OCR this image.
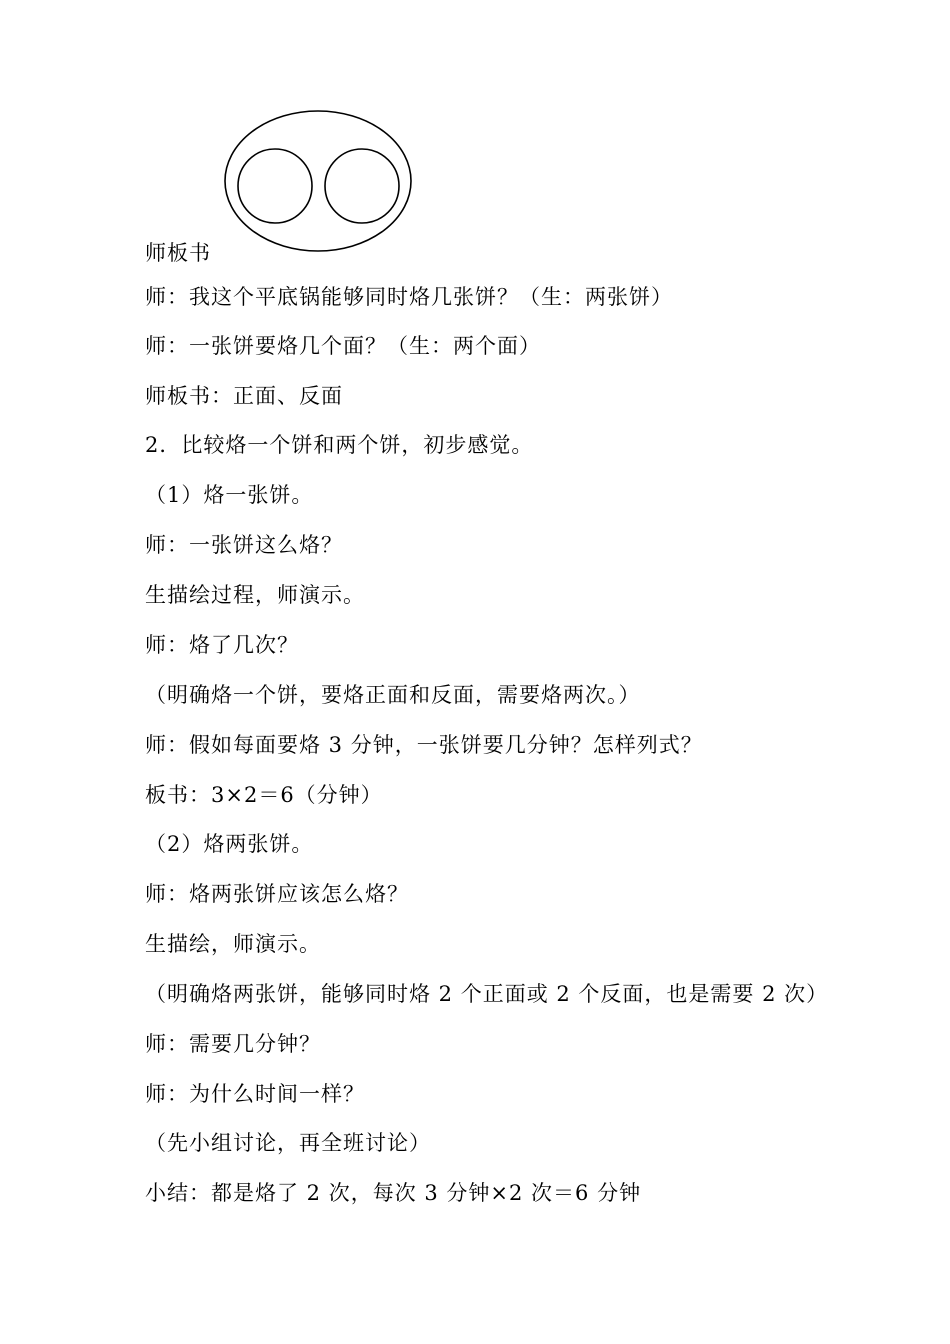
师板书
师：我这个平底锅能够同时烙几张饼？（生：两张饼）
师：一张饼要烙几个面？（生：两个面）
师板书：正面、反面
2．比较烙一个饼和两个饼，初步感觉。
（1）烙一张饼。
师：一张饼这么烙？
生描绘过程，师演示。
师：烙了几次？
（明确烙一个饼，要烙正面和反面，需要烙两次。）
师：假如每面要烙 3 分钟，一张饼要几分钟？怎样列式？
板书：3×2＝6（分钟）
（2）烙两张饼。
师：烙两张饼应该怎么烙？
生描绘，师演示。
（明确烙两张饼，能够同时烙 2 个正面或 2 个反面，也是需要 2 次）
师：需要几分钟？
师：为什么时间一样？
（先小组讨论，再全班讨论）
小结：都是烙了 2 次，每次 3 分钟×2 次＝6 分钟
